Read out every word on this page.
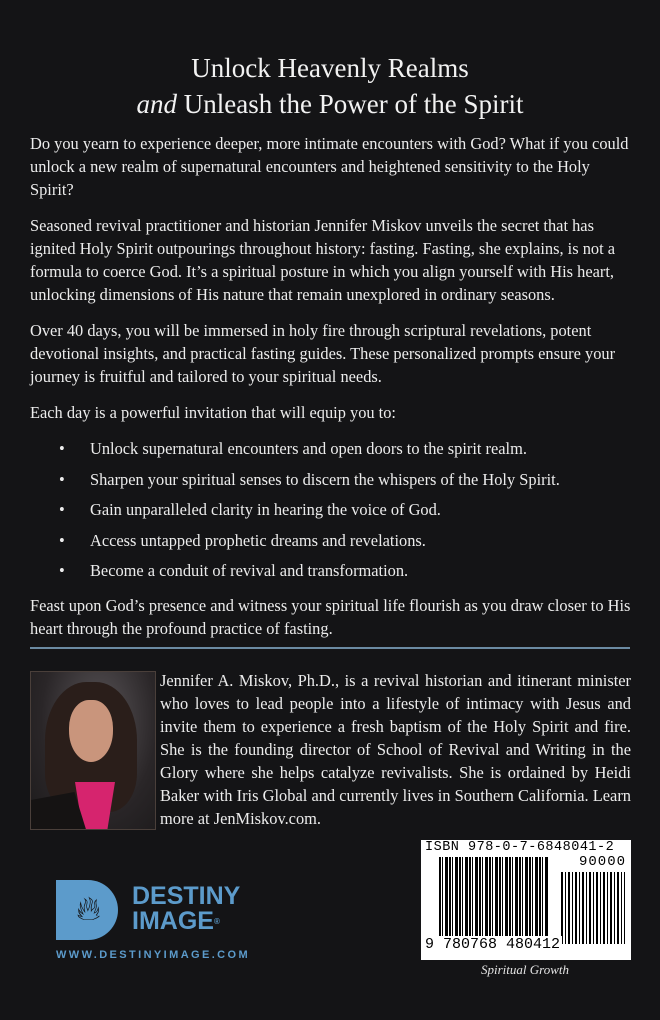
Unlock Heavenly Realms
and Unleash the Power of the Spirit

Do you yearn to experience deeper, more intimate encounters with God? What if you could unlock a new realm of supernatural encounters and heightened sensitivity to the Holy Spirit?

Seasoned revival practitioner and historian Jennifer Miskov unveils the secret that has ignited Holy Spirit outpourings throughout history: fasting. Fasting, she explains, is not a formula to coerce God. It’s a spiritual posture in which you align yourself with His heart, unlocking dimensions of His nature that remain unexplored in ordinary seasons.

Over 40 days, you will be immersed in holy fire through scriptural revelations, potent devotional insights, and practical fasting guides. These personalized prompts ensure your journey is fruitful and tailored to your spiritual needs.

Each day is a powerful invitation that will equip you to:

• Unlock supernatural encounters and open doors to the spirit realm.
• Sharpen your spiritual senses to discern the whispers of the Holy Spirit.
• Gain unparalleled clarity in hearing the voice of God.
• Access untapped prophetic dreams and revelations.
• Become a conduit of revival and transformation.

Feast upon God’s presence and witness your spiritual life flourish as you draw closer to His heart through the profound practice of fasting.

Jennifer A. Miskov, Ph.D., is a revival historian and itinerant minister who loves to lead people into a lifestyle of intimacy with Jesus and invite them to experience a fresh baptism of the Holy Spirit and fire. She is the founding director of School of Revival and Writing in the Glory where she helps catalyze revivalists. She is ordained by Heidi Baker with Iris Global and currently lives in Southern California. Learn more at JenMiskov.com.
🔥︎ DESTINY
IMAGE®
WWW.DESTINYIMAGE.COM
ISBN 978-0-7-6848041-2
90000
9 780768 480412
Spiritual Growth
